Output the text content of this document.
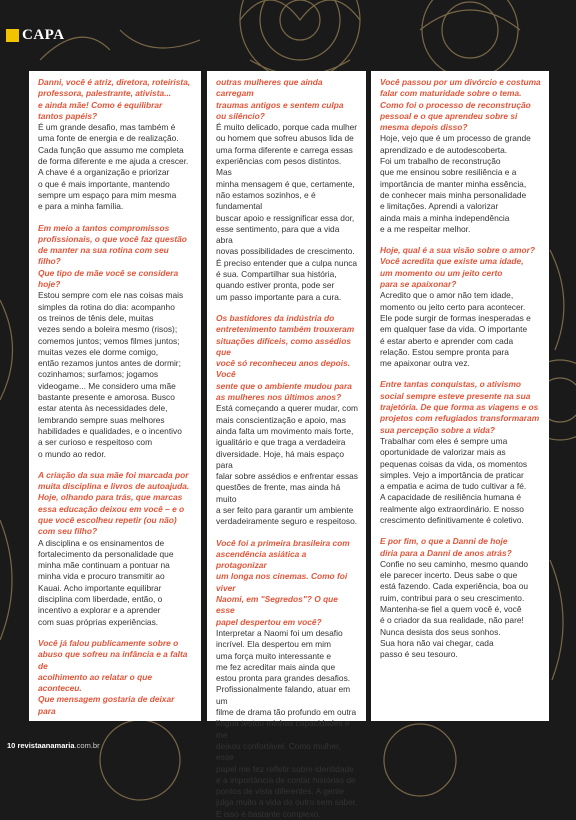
CAPA

Danni, você é atriz, diretora, roteirista,
professora, palestrante, ativista...
e ainda mãe! Como é equilibrar
tantos papéis?

É um grande desafio, mas também é
uma fonte de energia e de realização.
Cada função que assumo me completa
de forma diferente e me ajuda a crescer.
A chave é a organização e priorizar
o que é mais importante, mantendo
sempre um espaço para mim mesma
e para a minha família.

Em meio a tantos compromissos
profissionais, o que você faz questão
de manter na sua rotina com seu filho?
Que tipo de mãe você se considera hoje?

Estou sempre com ele nas coisas mais
simples da rotina do dia: acompanho
os treinos de tênis dele, muitas
vezes sendo a boleira mesmo (risos);
comemos juntos; vemos filmes juntos;
muitas vezes ele dorme comigo,
então rezamos juntos antes de dormir;
cozinhamos; surfamos; jogamos
videogame... Me considero uma mãe
bastante presente e amorosa. Busco
estar atenta às necessidades dele,
lembrando sempre suas melhores
habilidades e qualidades, e o incentivo
a ser curioso e respeitoso com
o mundo ao redor.

A criação da sua mãe foi marcada por
muita disciplina e livros de autoajuda.
Hoje, olhando para trás, que marcas
essa educação deixou em você – e o
que você escolheu repetir (ou não)
com seu filho?

A disciplina e os ensinamentos de
fortalecimento da personalidade que
minha mãe continuam a pontuar na
minha vida e procuro transmitir ao
Kauai. Acho importante equilibrar
disciplina com liberdade, então, o
incentivo a explorar e a aprender
com suas próprias experiências.

Você já falou publicamente sobre o
abuso que sofreu na infância e a falta de
acolhimento ao relatar o que aconteceu.
Que mensagem gostaria de deixar para

outras mulheres que ainda carregam
traumas antigos e sentem culpa
ou silêncio?

É muito delicado, porque cada mulher
ou homem que sofreu abusos lida de
uma forma diferente e carrega essas
experiências com pesos distintos. Mas
minha mensagem é que, certamente,
não estamos sozinhos, e é fundamental
buscar apoio e ressignificar essa dor,
esse sentimento, para que a vida abra
novas possibilidades de crescimento.
É preciso entender que a culpa nunca
é sua. Compartilhar sua história,
quando estiver pronta, pode ser
um passo importante para a cura.

Os bastidores da indústria do
entretenimento também trouxeram
situações difíceis, como assédios que
você só reconheceu anos depois. Você
sente que o ambiente mudou para
as mulheres nos últimos anos?

Está começando a querer mudar, com
mais conscientização e apoio, mas
ainda falta um movimento mais forte,
igualitário e que traga a verdadeira
diversidade. Hoje, há mais espaço para
falar sobre assédios e enfrentar essas
questões de frente, mas ainda há muito
a ser feito para garantir um ambiente
verdadeiramente seguro e respeitoso.

Você foi a primeira brasileira com
ascendência asiática a protagonizar
um longa nos cinemas. Como foi viver
Naomi, em "Segredos"? O que esse
papel despertou em você?

Interpretar a Naomi foi um desafio
incrível. Ela despertou em mim
uma força muito interessante e
me fez acreditar mais ainda que
estou pronta para grandes desafios.
Profissionalmente falando, atuar em um
filme de drama tão profundo em outra
língua testou minhas capacidades e me
deixou confortável. Como mulher, esse
papel me fez refletir sobre identidade
e a importância de contar histórias de
pontos de vista diferentes. A gente
julga muito a vida do outro sem saber.
E isso é bastante complexo.

Você passou por um divórcio e costuma
falar com maturidade sobre o tema.
Como foi o processo de reconstrução
pessoal e o que aprendeu sobre si
mesma depois disso?

Hoje, vejo que é um processo de grande
aprendizado e de autodescoberta.
Foi um trabalho de reconstrução
que me ensinou sobre resiliência e a
importância de manter minha essência,
de conhecer mais minha personalidade
e limitações. Aprendi a valorizar
ainda mais a minha independência
e a me respeitar melhor.

Hoje, qual é a sua visão sobre o amor?
Você acredita que existe uma idade,
um momento ou um jeito certo
para se apaixonar?

Acredito que o amor não tem idade,
momento ou jeito certo para acontecer.
Ele pode surgir de formas inesperadas e
em qualquer fase da vida. O importante
é estar aberto e aprender com cada
relação. Estou sempre pronta para
me apaixonar outra vez.

Entre tantas conquistas, o ativismo
social sempre esteve presente na sua
trajetória. De que forma as viagens e os
projetos com refugiados transformaram
sua percepção sobre a vida?

Trabalhar com eles é sempre uma
oportunidade de valorizar mais as
pequenas coisas da vida, os momentos
simples. Vejo a importância de praticar
a empatia e acima de tudo cultivar a fé.
A capacidade de resiliência humana é
realmente algo extraordinário. E nosso
crescimento definitivamente é coletivo.

E por fim, o que a Danni de hoje
diria para a Danni de anos atrás?

Confie no seu caminho, mesmo quando
ele parecer incerto. Deus sabe o que
está fazendo. Cada experiência, boa ou
ruim, contribui para o seu crescimento.
Mantenha-se fiel a quem você é, você
é o criador da sua realidade, não pare!
Nunca desista dos seus sonhos.
Sua hora não vai chegar, cada
passo é seu tesouro.

10 revistaanamaria.com.br
